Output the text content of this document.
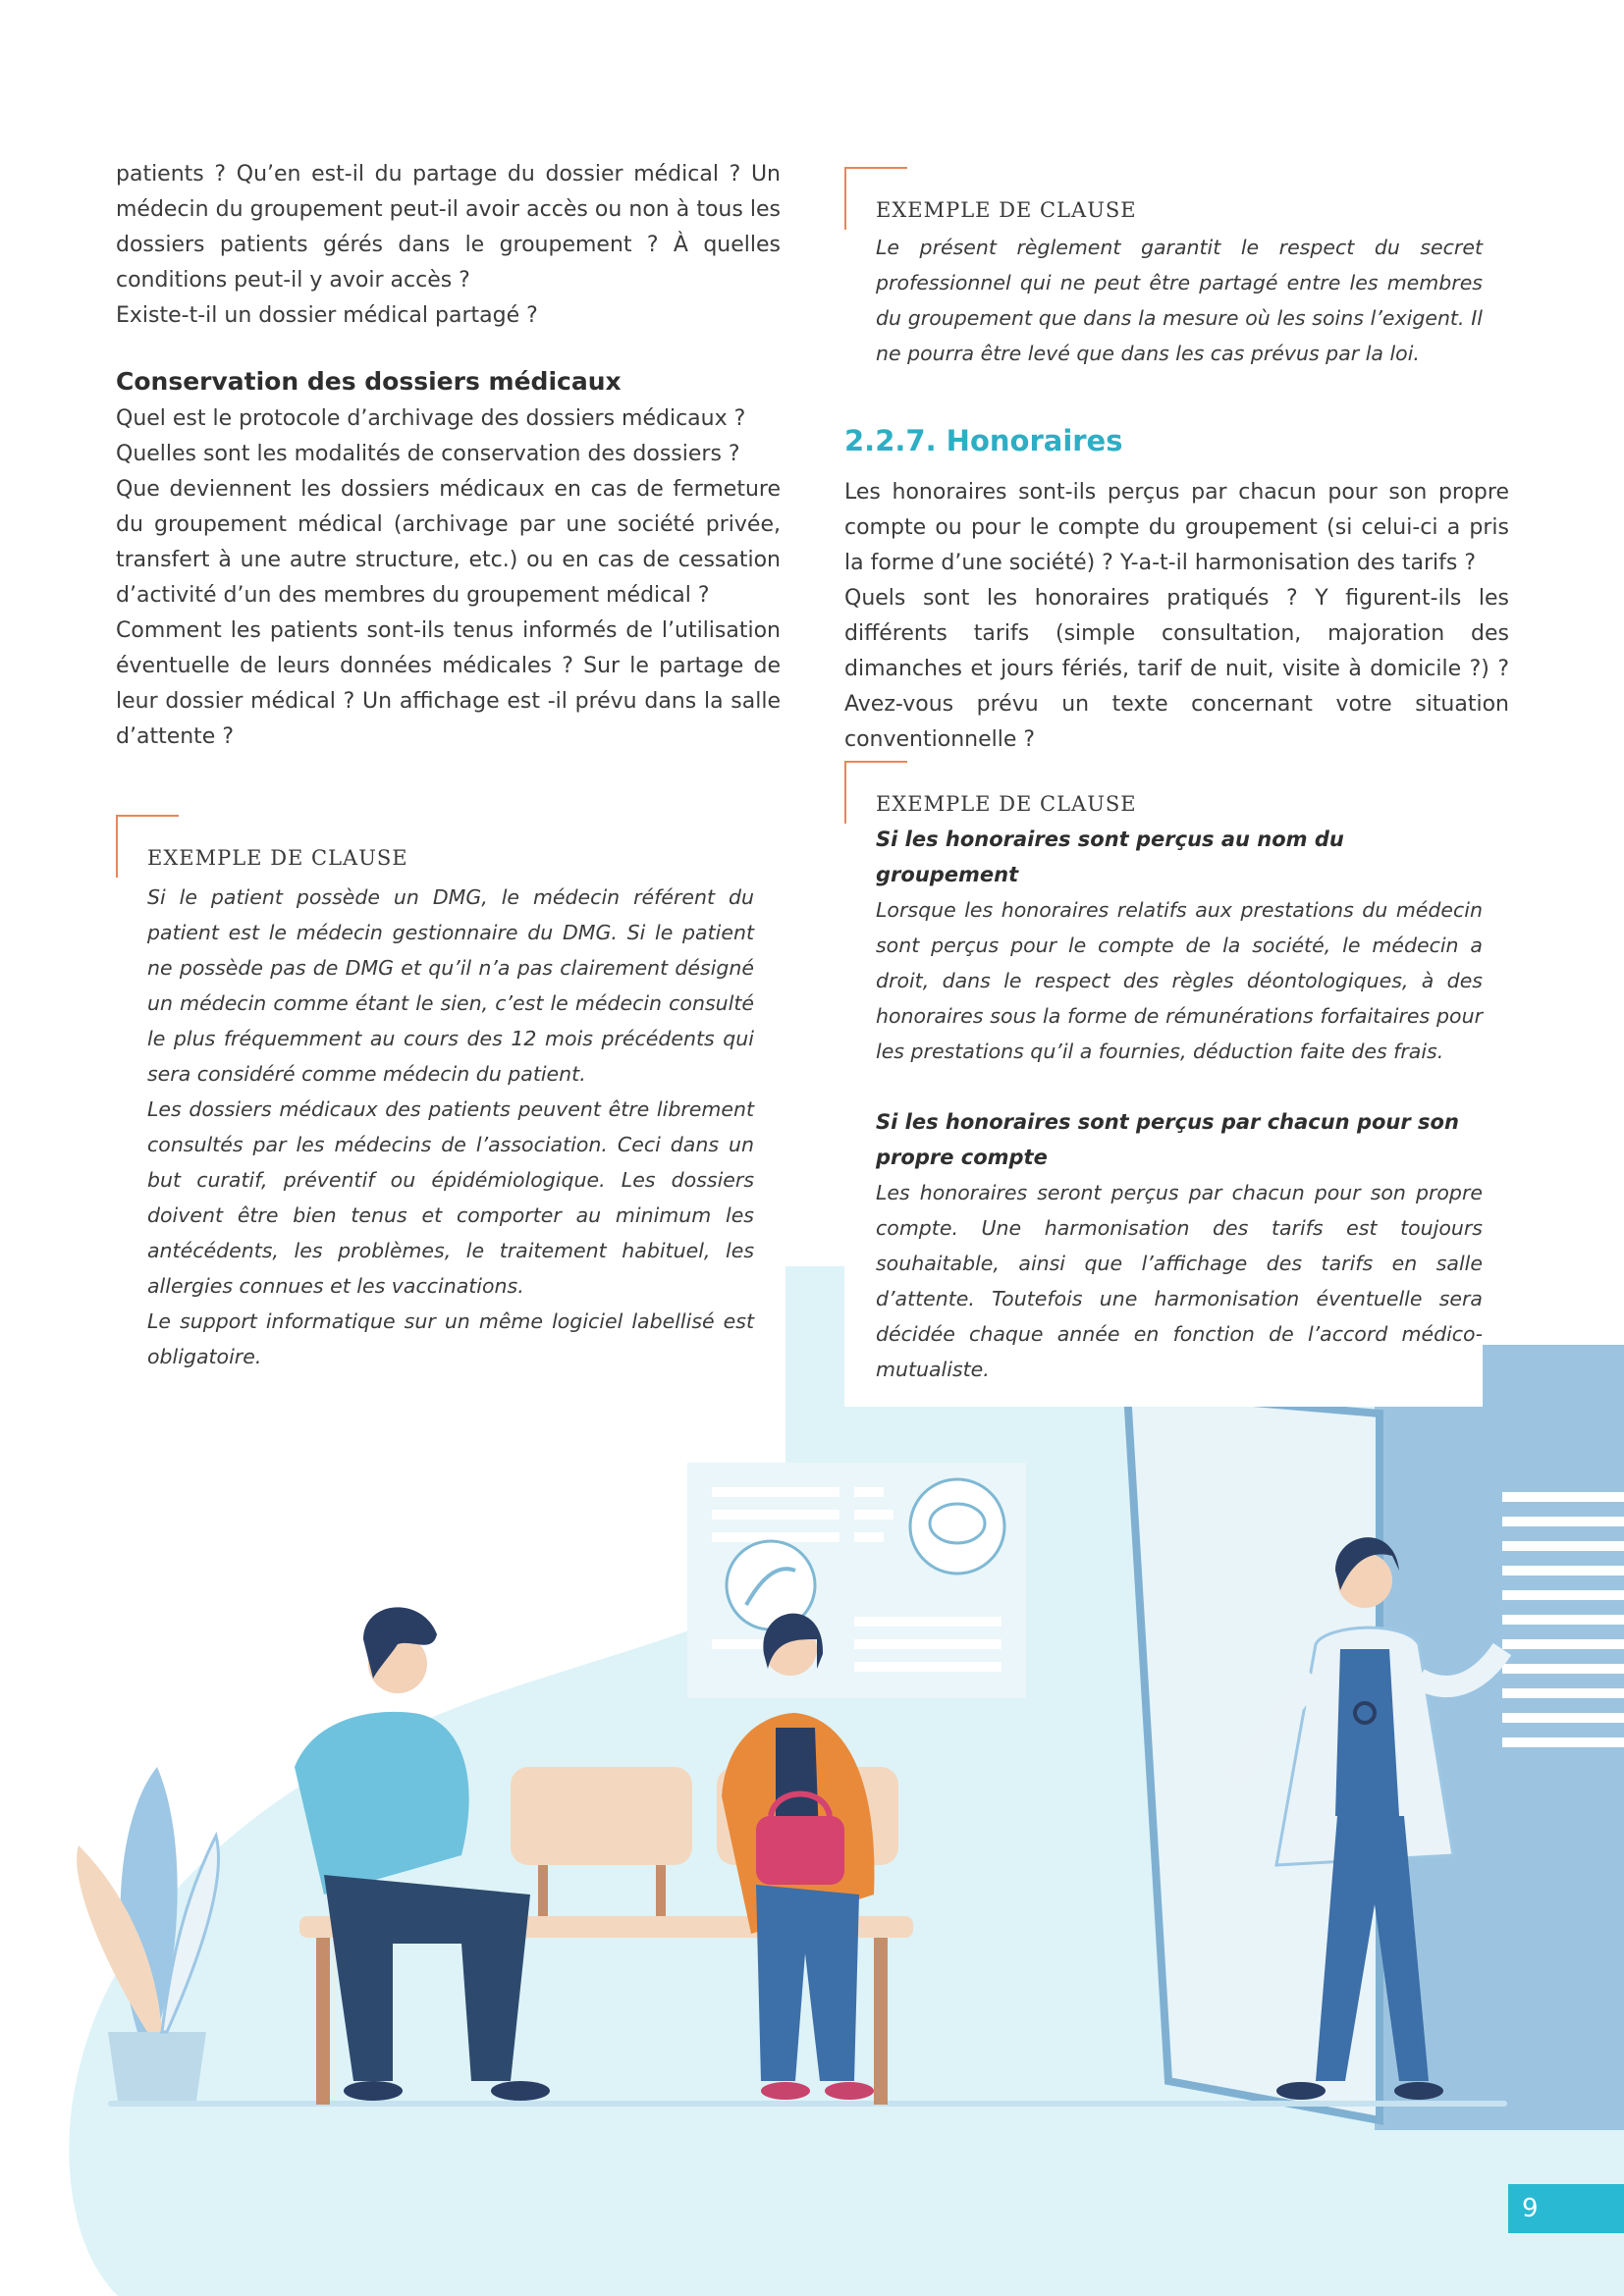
patients ? Qu’en est-il du partage du dossier médical ? Un médecin du groupement peut-il avoir accès ou non à tous les dossiers patients gérés dans le groupement ? À quelles conditions peut-il y avoir accès ?
Existe-t-il un dossier médical partagé ?

Conservation des dossiers médicaux

Quel est le protocole d’archivage des dossiers médicaux ?
Quelles sont les modalités de conservation des dossiers ?
Que deviennent les dossiers médicaux en cas de fermeture du groupement médical (archivage par une société privée, transfert à une autre structure, etc.) ou en cas de cessation d’activité d’un des membres du groupement médical ?
Comment les patients sont-ils tenus informés de l’utilisation éventuelle de leurs données médicales ? Sur le partage de leur dossier médical ? Un affichage est -il prévu dans la salle d’attente ?

EXEMPLE DE CLAUSE

Si le patient possède un DMG, le médecin référent du patient est le médecin gestionnaire du DMG. Si le patient ne possède pas de DMG et qu’il n’a pas clairement désigné un médecin comme étant le sien, c’est le médecin consulté le plus fréquemment au cours des 12 mois précédents qui sera considéré comme médecin du patient.
Les dossiers médicaux des patients peuvent être librement consultés par les médecins de l’association. Ceci dans un but curatif, préventif ou épidémiologique. Les dossiers doivent être bien tenus et comporter au minimum les antécédents, les problèmes, le traitement habituel, les allergies connues et les vaccinations.
Le support informatique sur un même logiciel labellisé est obligatoire.

EXEMPLE DE CLAUSE

Le présent règlement garantit le respect du secret professionnel qui ne peut être partagé entre les membres du groupement que dans la mesure où les soins l’exigent. Il ne pourra être levé que dans les cas prévus par la loi.

2.2.7. Honoraires

Les honoraires sont-ils perçus par chacun pour son propre compte ou pour le compte du groupement (si celui-ci a pris la forme d’une société) ? Y-a-t-il harmonisation des tarifs ?
Quels sont les honoraires pratiqués ? Y figurent-ils les différents tarifs (simple consultation, majoration des dimanches et jours fériés, tarif de nuit, visite à domicile ?) ? Avez-vous prévu un texte concernant votre situation conventionnelle ?

EXEMPLE DE CLAUSE

Si les honoraires sont perçus au nom du groupement

Lorsque les honoraires relatifs aux prestations du médecin sont perçus pour le compte de la société, le médecin a droit, dans le respect des règles déontologiques, à des honoraires sous la forme de rémunérations forfaitaires pour les prestations qu’il a fournies, déduction faite des frais.

Si les honoraires sont perçus par chacun pour son propre compte

Les honoraires seront perçus par chacun pour son propre compte. Une harmonisation des tarifs est toujours souhaitable, ainsi que l’affichage des tarifs en salle d’attente. Toutefois une harmonisation éventuelle sera décidée chaque année en fonction de l’accord médico-mutualiste.

9
